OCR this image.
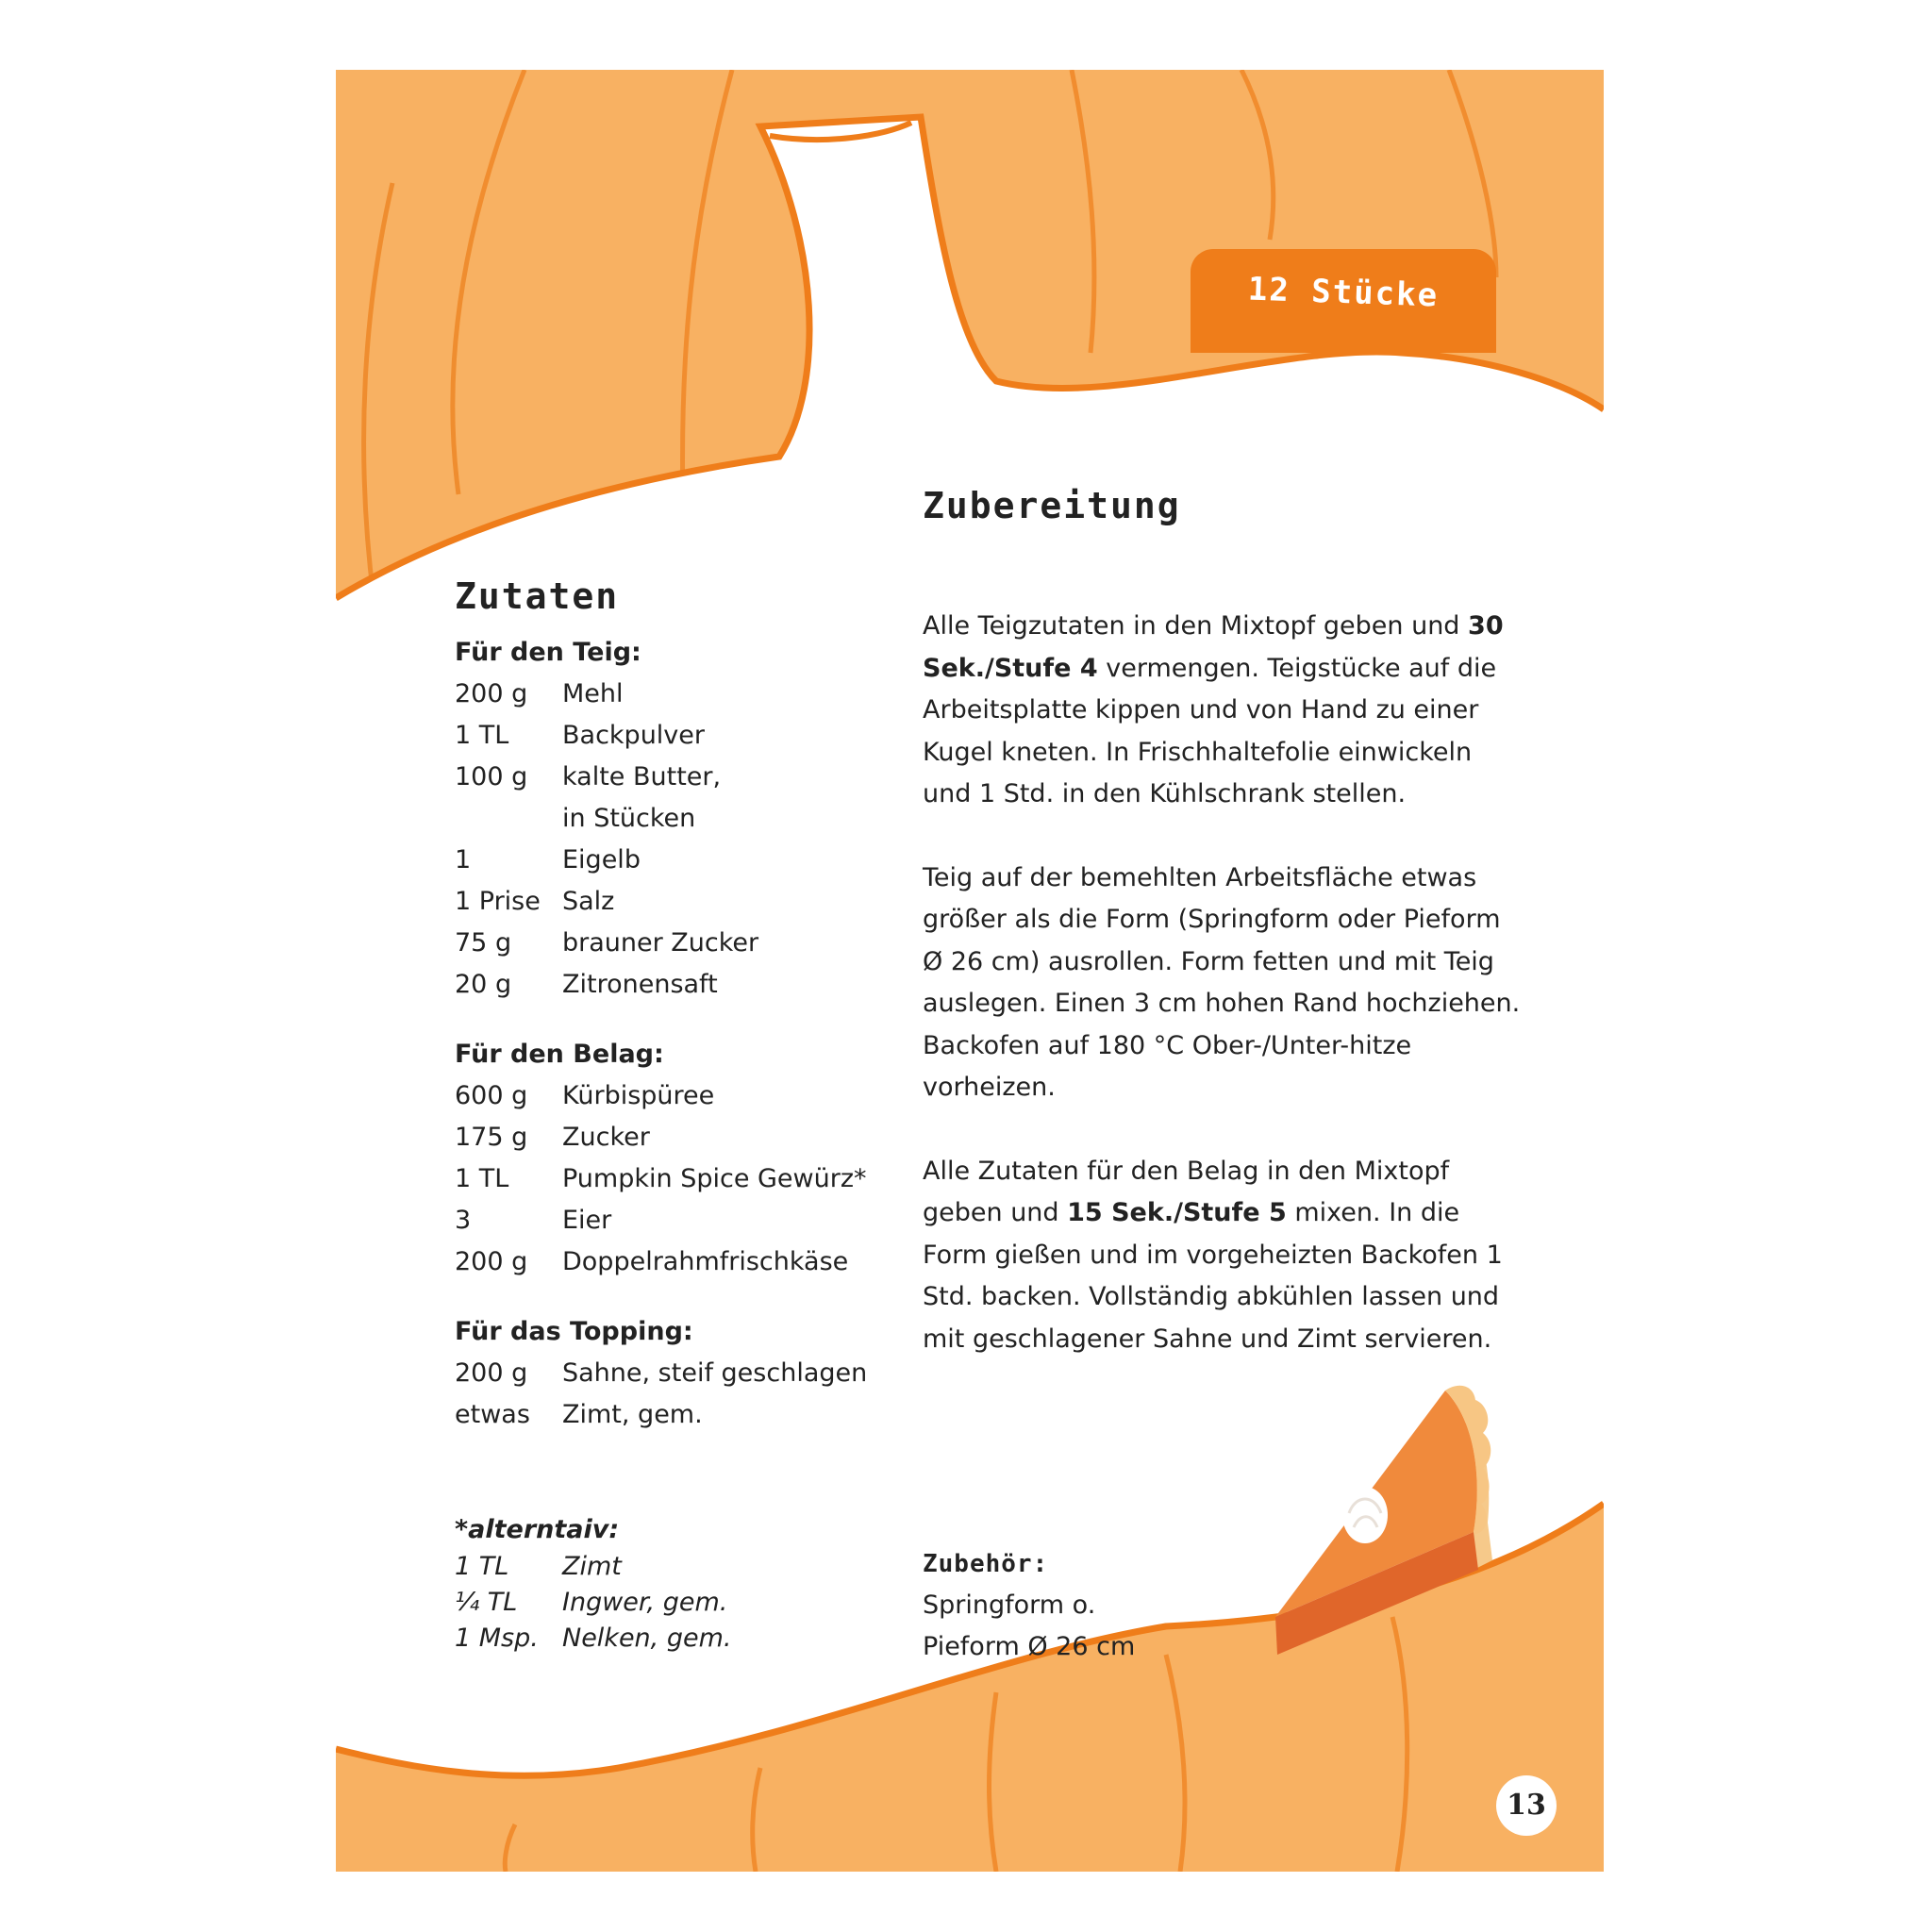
12 Stücke
Zutaten
Für den Teig:
200 g	Mehl
1 TL	Backpulver
100 g	kalte Butter,
in Stücken
1	Eigelb
1 Prise Salz
75 g	brauner Zucker
20 g	Zitronensaft
Für den Belag:
600 g	Kürbispüree
175 g	Zucker
1 TL	Pumpkin Spice Gewürz*
3	Eier
200 g	Doppelrahmfrischkäse
Für das Topping:
200 g	Sahne, steif geschlagen
etwas	Zimt, gem.
*alterntaiv:
1 TL	Zimt
¼ TL	Ingwer, gem.
1 Msp. Nelken, gem.
Zubereitung

Alle Teigzutaten in den Mixtopf geben und 30 Sek./Stufe 4 vermengen. Teigstücke auf die Arbeitsplatte kippen und von Hand zu einer Kugel kneten. In Frischhaltefolie einwickeln und 1 Std. in den Kühlschrank stellen.

Teig auf der bemehlten Arbeitsfläche etwas größer als die Form (Springform oder Pieform Ø 26 cm) ausrollen. Form fetten und mit Teig auslegen. Einen 3 cm hohen Rand hochziehen. Backofen auf 180 °C Ober-/Unter-hitze vorheizen.

Alle Zutaten für den Belag in den Mixtopf geben und 15 Sek./Stufe 5 mixen. In die Form gießen und im vorgeheizten Backofen 1 Std. backen. Vollständig abkühlen lassen und mit geschlagener Sahne und Zimt servieren.

Zubehör:
Springform o.
Pieform Ø 26 cm
13
